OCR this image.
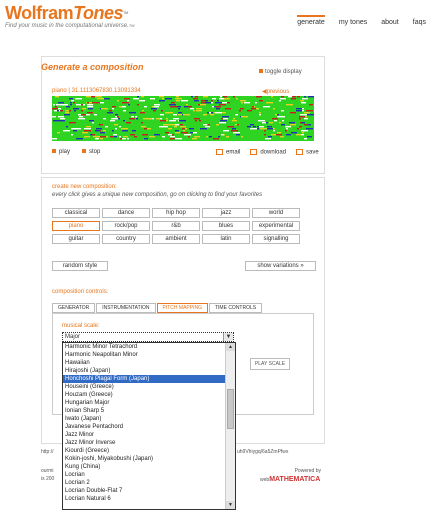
WolframTones™
Find your music in the computational universe.™	generate my tones about faqs
Generate a composition	toggle display
piano | 31.1113067830.13091334	◀previous
play	stop	email	download	save
create new composition:
every click gives a unique new composition, go on clicking to find your favorites
classical	dance	hip hop	jazz	world
piano	rock/pop	r&b	blues	experimental
guitar	country	ambient	latin	signalling
random style	show variations »
composition controls:
GENERATOR	INSTRUMENTATION	PITCH MAPPING	TIME CONTROLS
musical scale:
Major	▼
PLAY SCALE
http://
ourmi
is 200
uh9Vhiygq/6a5ZmPfwx
Powered by
webMATHEMATICA
Harmonic Minor Tetrachord
Harmonic Neapolitan Minor
Hawaiian
Hirajoshi (Japan)
Honchoshi Plagal Form (Japan)
Houseini (Greece)
Houzam (Greece)
Hungarian Major
Ionian Sharp 5
Iwato (Japan)
Javanese Pentachord
Jazz Minor
Jazz Minor Inverse
Kiourdi (Greece)
Kokin-joshi, Miyakobushi (Japan)
Kung (China)
Locrian
Locrian 2
Locrian Double-Flat 7
Locrian Natural 6
▲
▼
